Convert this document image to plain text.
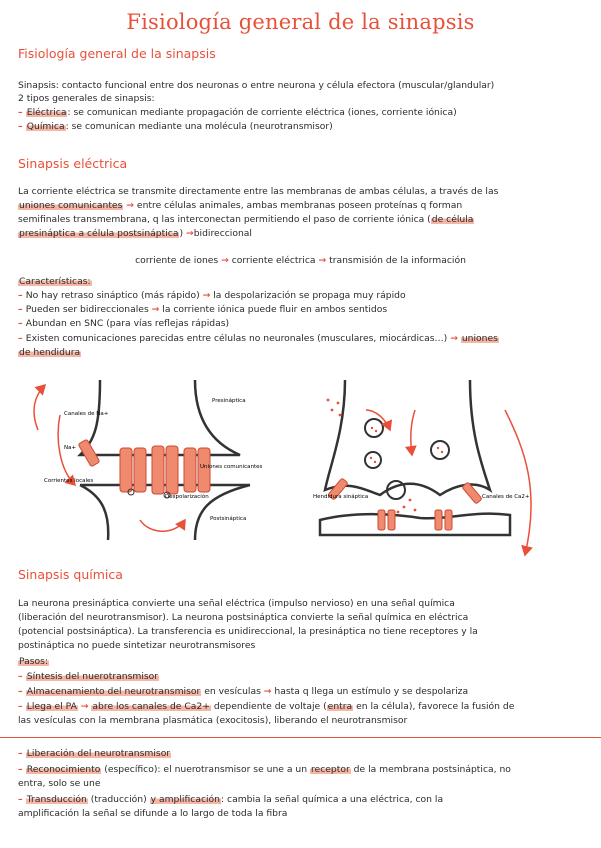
Fisiología general de la sinapsis
Fisiología general de la sinapsis
Sinapsis: contacto funcional entre dos neuronas o entre neurona y célula efectora (muscular/glandular)
2 tipos generales de sinapsis:
– Eléctrica: se comunican mediante propagación de corriente eléctrica (iones, corriente iónica)
– Química: se comunican mediante una molécula (neurotransmisor)
Sinapsis eléctrica
La corriente eléctrica se transmite directamente entre las membranas de ambas células, a través de las
uniones comunicantes → entre células animales, ambas membranas poseen proteínas q forman
semifinales transmembrana, q las interconectan permitiendo el paso de corriente iónica (de célula
presináptica a célula postsináptica) →bidireccional
corriente de iones → corriente eléctrica → transmisión de la información
Características:
– No hay retraso sináptico (más rápido) → la despolarización se propaga muy rápido
– Pueden ser bidireccionales → la corriente iónica puede fluir en ambos sentidos
– Abundan en SNC (para vías reflejas rápidas)
– Existen comunicaciones parecidas entre células no neuronales (musculares, miocárdicas…) → uniones
de hendidura
Canales de Na+
Na+
Presináptica
Uniones comunicantes
Corrientes locales
Despolarización
Postsináptica
Hendidura sináptica	Canales de Ca2+
Sinapsis química
La neurona presináptica convierte una señal eléctrica (impulso nervioso) en una señal química
(liberación del neurotransmisor). La neurona postsináptica convierte la señal química en eléctrica
(potencial postsináptica). La transferencia es unidireccional, la presináptica no tiene receptores y la
postináptica no puede sintetizar neurotransmisores
Pasos:
– Síntesis del nuerotransmisor
– Almacenamiento del neurotransmisor en vesículas → hasta q llega un estímulo y se despolariza
– Llega el PA → abre los canales de Ca2+ dependiente de voltaje (entra en la célula), favorece la fusión de
las vesículas con la membrana plasmática (exocitosis), liberando el neurotransmisor
– Liberación del neurotransmisor
– Reconocimiento (específico): el nuerotransmisor se une a un receptor de la membrana postsináptica, no
entra, solo se une
– Transducción (traducción) y amplificación: cambia la señal química a una eléctrica, con la
amplificación la señal se difunde a lo largo de toda la fibra
